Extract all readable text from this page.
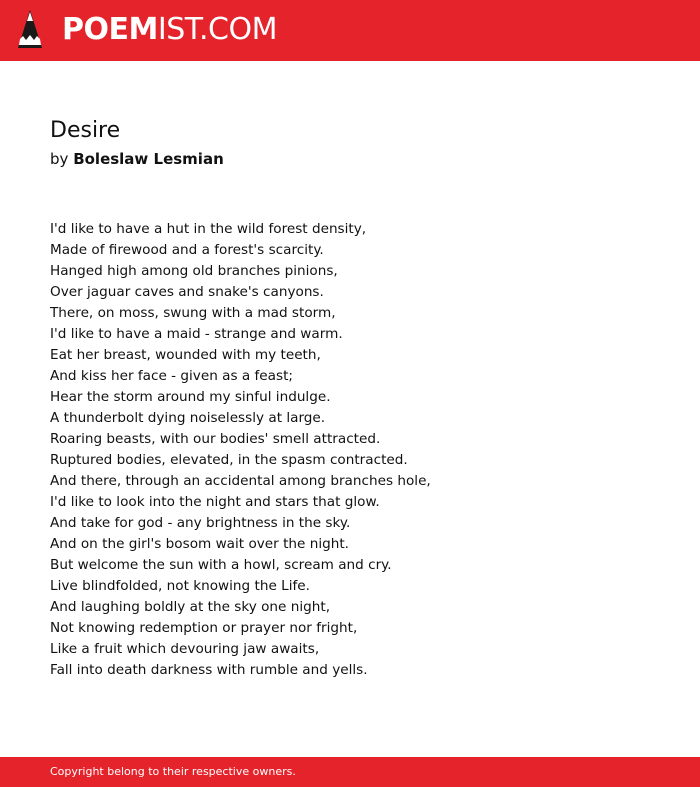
POEMIST.COM
Desire
by Boleslaw Lesmian
I'd like to have a hut in the wild forest density,
Made of firewood and a forest's scarcity.
Hanged high among old branches pinions,
Over jaguar caves and snake's canyons.
There, on moss, swung with a mad storm,
I'd like to have a maid - strange and warm.
Eat her breast, wounded with my teeth,
And kiss her face - given as a feast;
Hear the storm around my sinful indulge.
A thunderbolt dying noiselessly at large.
Roaring beasts, with our bodies' smell attracted.
Ruptured bodies, elevated, in the spasm contracted.
And there, through an accidental among branches hole,
I'd like to look into the night and stars that glow.
And take for god - any brightness in the sky.
And on the girl's bosom wait over the night.
But welcome the sun with a howl, scream and cry.
Live blindfolded, not knowing the Life.
And laughing boldly at the sky one night,
Not knowing redemption or prayer nor fright,
Like a fruit which devouring jaw awaits,
Fall into death darkness with rumble and yells.
Copyright belong to their respective owners.
